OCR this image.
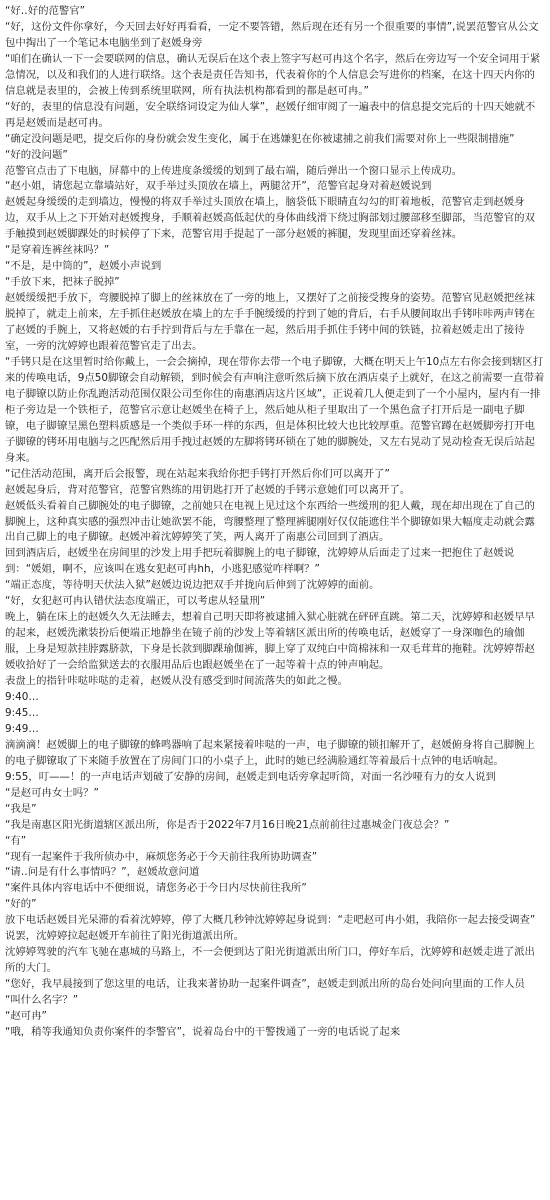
“好‥好的范警官”

“好，这份文件你拿好，今天回去好好再看看，一定不要答错，然后现在还有另一个很重要的事情”,说罢范警官从公文包中掏出了一个笔记本电脑坐到了赵媛身旁

“咱们在确认一下一会要联网的信息，确认无误后在这个表上签字写赵可冉这个名字，然后在旁边写一个安全词用于紧急情况，以及和我们的人进行联络。这个表是责任告知书，代表着你的个人信息会写进你的档案，在这十四天内你的信息就是表里的，会被上传到系统里联网，所有执法机构都看到的都是赵可冉。”

“好的，表里的信息没有问题，安全联络词设定为仙人掌”，赵媛仔细审阅了一遍表中的信息提交完后的十四天她就不再是赵媛而是赵可冉。

“确定没问题是吧，提交后你的身份就会发生变化，属于在逃嫌犯在你被逮捕之前我们需要对你上一些限制措施”

“好的没问题”

范警官点击了下电脑，屏幕中的上传进度条缓缓的划到了最右端，随后弹出一个窗口显示上传成功。

“赵小姐，请您起立靠墙站好，双手举过头顶放在墙上，两腿岔开”，范警官起身对着赵媛说到

赵媛起身缓缓的走到墙边，慢慢的将双手举过头顶放在墙上，脑袋低下眼睛直勾勾的盯着地板，范警官走到赵媛身边，双手从上之下开始对赵媛搜身，手顺着赵媛高低起伏的身体曲线滑下绕过胸部划过腰部移至脚部，当范警官的双手触摸到赵媛脚踝处的时候停了下来，范警官用手提起了一部分赵媛的裤腿，发现里面还穿着丝袜。

“是穿着连裤丝袜吗？”

“不是，是中筒的”，赵媛小声说到

“手放下来，把袜子脱掉”

赵媛缓缓把手放下，弯腰脱掉了脚上的丝袜放在了一旁的地上，又摆好了之前接受搜身的姿势。范警官见赵媛把丝袜脱掉了，就走上前来，左手抓住赵媛放在墙上的左手手腕缓缓的拧到了她的背后，右手从腰间取出手铐咔咔两声铐在了赵媛的手腕上，又将赵媛的右手拧到背后与左手靠在一起，然后用手抓住手铐中间的铁链，拉着赵媛走出了接待室，一旁的沈婷婷也跟着范警官走了出去。

“手铐只是在这里暂时给你戴上，一会会摘掉，现在带你去带一个电子脚镣，大概在明天上午10点左右你会接到辖区打来的传唤电话，9点50脚镣会自动解锁，到时候会有声响注意听然后摘下放在酒店桌子上就好，在这之前需要一直带着电子脚镣以防止你乱跑活动范围仅限公司至你住的南惠酒店这片区域”，正说着几人便走到了一个小屋内，屋内有一排柜子旁边是一个铁柜子，范警官示意让赵媛坐在椅子上，然后她从柜子里取出了一个黑色盒子打开后是一副电子脚镣，电子脚镣呈黑色塑料质感是一个类似手环一样的东西，但是体积比较大也比较厚重。范警官蹲在赵媛脚旁打开电子脚镣的铐环用电脑与之匹配然后用手拽过赵媛的左脚将铐环锁在了她的脚腕处，又左右晃动了晃动检查无误后站起身来。

“记住活动范围，离开后会报警，现在站起来我给你把手铐打开然后你们可以离开了”

赵媛起身后，背对范警官，范警官熟练的用钥匙打开了赵媛的手铐示意她们可以离开了。

赵媛低头看着自己脚腕处的电子脚镣，之前她只在电视上见过这个东西给一些缓刑的犯人戴，现在却出现在了自己的脚腕上，这种真实感的强烈冲击让她欲罢不能，弯腰整理了整理裤腿刚好仅仅能遮住半个脚镣如果大幅度走动就会露出自己脚上的电子脚镣。赵媛冲着沈婷婷笑了笑，两人离开了南惠公司回到了酒店。

回到酒店后，赵媛坐在房间里的沙发上用手把玩着脚腕上的电子脚镣，沈婷婷从后面走了过来一把抱住了赵媛说到：“媛姐，啊不，应该叫在逃女犯赵可冉hh，小逃犯感觉咋样啊？”

“端正态度，等待明天伏法入狱”赵媛边说边把双手并拢向后伸到了沈婷婷的面前。

“好，女犯赵可冉认错伏法态度端正，可以考虑从轻量刑”

晚上，躺在床上的赵媛久久无法睡去，想着自己明天即将被逮捕入狱心脏就在砰砰直跳。第二天，沈婷婷和赵媛早早的起来，赵媛洗漱装扮后便端正地静坐在镜子前的沙发上等着辖区派出所的传唤电话，赵媛穿了一身深咖色的瑜伽服，上身是短款挂脖露脐款，下身是长款到脚踝瑜伽裤，脚上穿了双纯白中筒棉袜和一双毛茸茸的拖鞋。沈婷婷帮赵媛收拾好了一会给监狱送去的衣服用品后也跟赵媛坐在了一起等着十点的钟声响起。

表盘上的指针咔哒咔哒的走着，赵媛从没有感受到时间流落失的如此之慢。

9:40…

9:45…

9:49…

滴滴滴！赵媛脚上的电子脚镣的蜂鸣器响了起来紧接着咔哒的一声，电子脚镣的锁扣解开了，赵媛俯身将自己脚腕上的电子脚镣取了下来随手放置在了房间门口的小桌子上，此时的她已经满脸通红等着最后十点钟的电话响起。

9:55，叮——！的一声电话声划破了安静的房间，赵媛走到电话旁拿起听筒，对面一名沙哑有力的女人说到

“是赵可冉女士吗？”

“我是”

“我是南惠区阳光街道辖区派出所，你是否于2022年7月16日晚21点前前往过惠城金门夜总会？”

“有”

“现有一起案件于我所侦办中，麻烦您务必于今天前往我所协助调查”

“请‥问是有什么事情吗？”，赵媛故意问道

“案件具体内容电话中不便细说，请您务必于今日内尽快前往我所”

“好的”

放下电话赵媛目光呆滞的看着沈婷婷，停了大概几秒钟沈婷婷起身说到：“走吧赵可冉小姐，我陪你一起去接受调查”

说罢，沈婷婷拉起赵媛开车前往了阳光街道派出所。

沈婷婷驾驶的汽车飞驰在惠城的马路上，不一会便到达了阳光街道派出所门口，停好车后，沈婷婷和赵媛走进了派出所的大门。

“您好，我早晨接到了您这里的电话，让我来著协助一起案件调查”，赵媛走到派出所的岛台处问向里面的工作人员

“叫什么名字？”

“赵可冉”

“哦，稍等我通知负责你案件的李警官”，说着岛台中的干警拨通了一旁的电话说了起来
